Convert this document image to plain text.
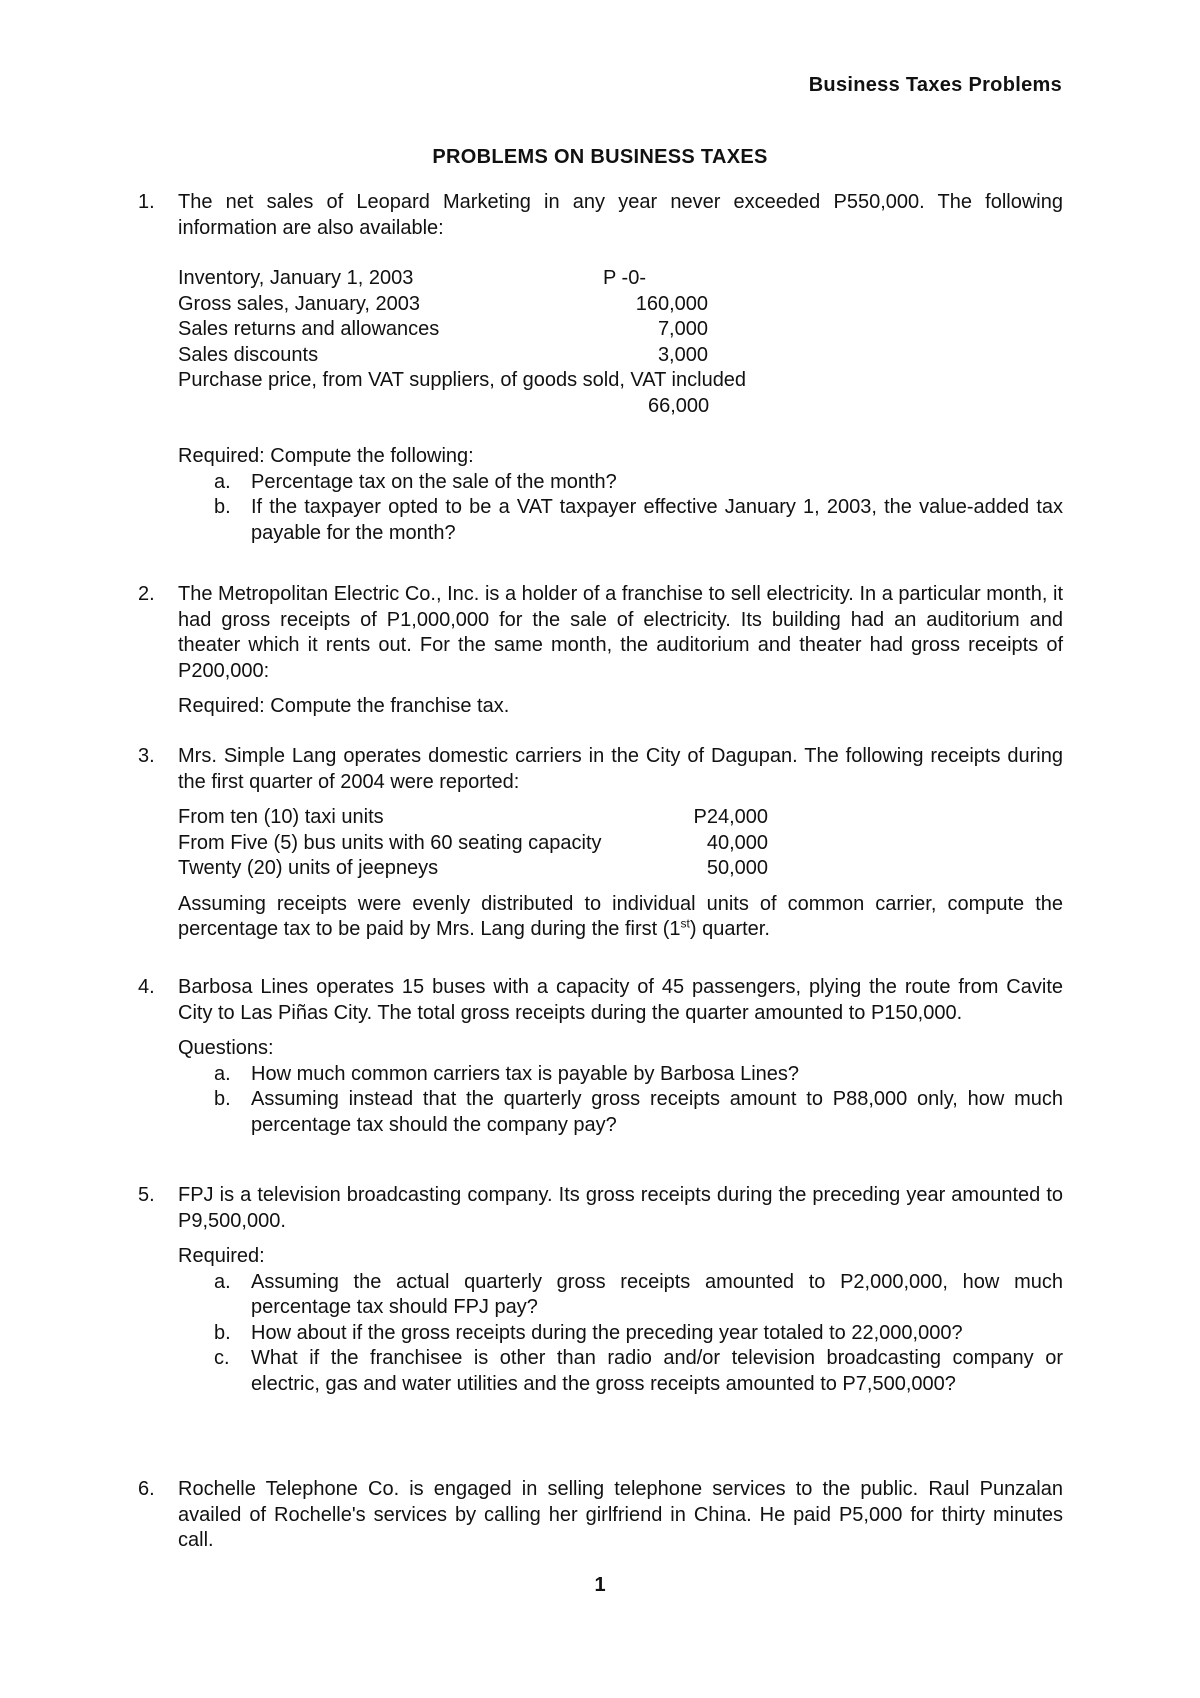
Business Taxes Problems
PROBLEMS ON BUSINESS TAXES
1. The net sales of Leopard Marketing in any year never exceeded P550,000. The following information are also available:
Inventory, January 1, 2003	P -0-
Gross sales, January, 2003	160,000
Sales returns and allowances	7,000
Sales discounts	3,000
Purchase price, from VAT suppliers, of goods sold, VAT included
66,000
Required: Compute the following:
a. Percentage tax on the sale of the month?
b. If the taxpayer opted to be a VAT taxpayer effective January 1, 2003, the value-added tax payable for the month?
2. The Metropolitan Electric Co., Inc. is a holder of a franchise to sell electricity. In a particular month, it had gross receipts of P1,000,000 for the sale of electricity. Its building had an auditorium and theater which it rents out. For the same month, the auditorium and theater had gross receipts of P200,000:
Required: Compute the franchise tax.
3. Mrs. Simple Lang operates domestic carriers in the City of Dagupan. The following receipts during the first quarter of 2004 were reported:
From ten (10) taxi units	P24,000
From Five (5) bus units with 60 seating capacity	40,000
Twenty (20) units of jeepneys	50,000
Assuming receipts were evenly distributed to individual units of common carrier, compute the percentage tax to be paid by Mrs. Lang during the first (1st) quarter.
4. Barbosa Lines operates 15 buses with a capacity of 45 passengers, plying the route from Cavite City to Las Piñas City. The total gross receipts during the quarter amounted to P150,000.
Questions:
a. How much common carriers tax is payable by Barbosa Lines?
b. Assuming instead that the quarterly gross receipts amount to P88,000 only, how much percentage tax should the company pay?
5. FPJ is a television broadcasting company. Its gross receipts during the preceding year amounted to P9,500,000.
Required:
a. Assuming the actual quarterly gross receipts amounted to P2,000,000, how much percentage tax should FPJ pay?
b. How about if the gross receipts during the preceding year totaled to 22,000,000?
c. What if the franchisee is other than radio and/or television broadcasting company or electric, gas and water utilities and the gross receipts amounted to P7,500,000?
6. Rochelle Telephone Co. is engaged in selling telephone services to the public. Raul Punzalan availed of Rochelle's services by calling her girlfriend in China. He paid P5,000 for thirty minutes call.
1
